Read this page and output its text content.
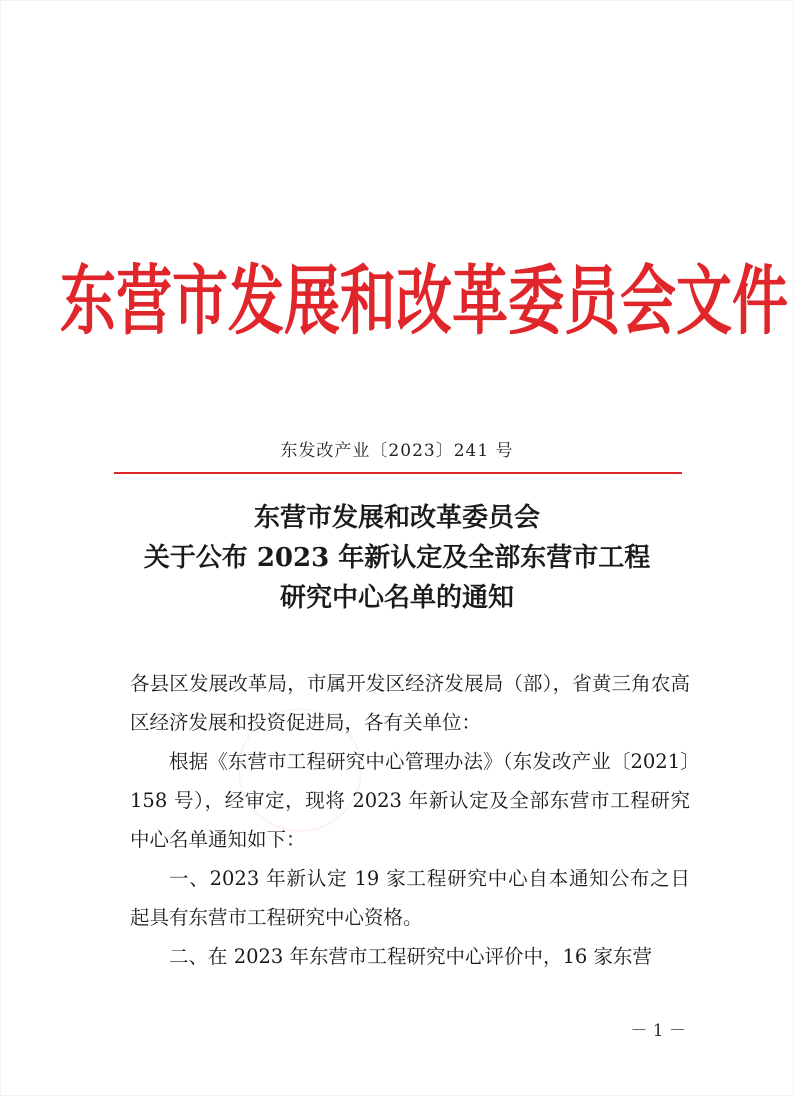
东营市发展和改革委员会文件
东发改产业〔2023〕241 号
东营市发展和改革委员会
关于公布 2023 年新认定及全部东营市工程
研究中心名单的通知

各县区发展改革局，市属开发区经济发展局（部），省黄三角农高区经济发展和投资促进局，各有关单位：

根据《东营市工程研究中心管理办法》（东发改产业〔2021〕158 号），经审定，现将 2023 年新认定及全部东营市工程研究中心名单通知如下：

一、2023 年新认定 19 家工程研究中心自本通知公布之日起具有东营市工程研究中心资格。

二、在 2023 年东营市工程研究中心评价中，16 家东营

－ 1 －
